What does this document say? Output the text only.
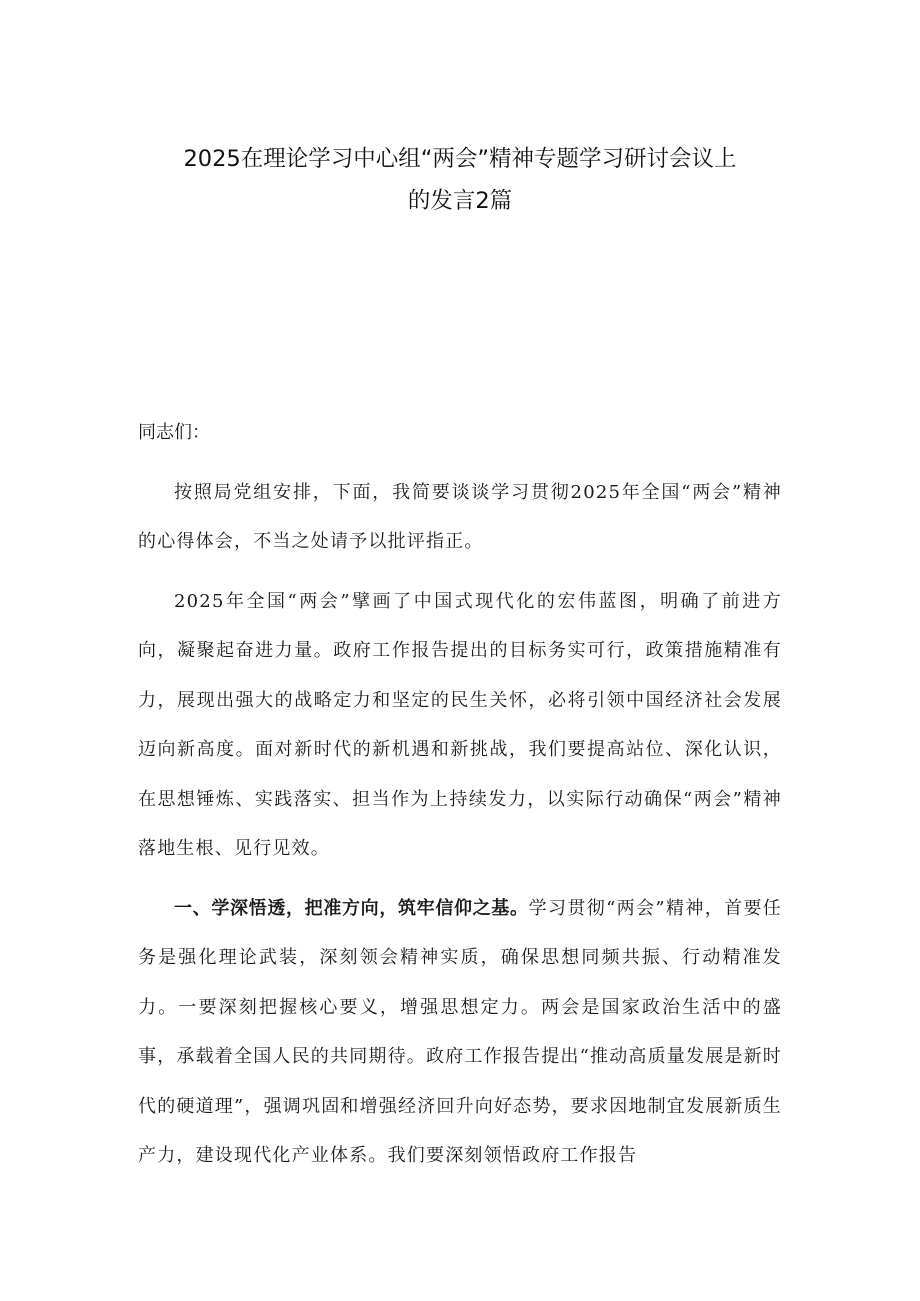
2025在理论学习中心组“两会”精神专题学习研讨会议上
的发言2篇

同志们：

按照局党组安排，下面，我简要谈谈学习贯彻2025年全国“两会”精神的心得体会，不当之处请予以批评指正。

2025年全国“两会”擘画了中国式现代化的宏伟蓝图，明确了前进方向，凝聚起奋进力量。政府工作报告提出的目标务实可行，政策措施精准有力，展现出强大的战略定力和坚定的民生关怀，必将引领中国经济社会发展迈向新高度。面对新时代的新机遇和新挑战，我们要提高站位、深化认识，在思想锤炼、实践落实、担当作为上持续发力，以实际行动确保“两会”精神落地生根、见行见效。

一、学深悟透，把准方向，筑牢信仰之基。学习贯彻“两会”精神，首要任务是强化理论武装，深刻领会精神实质，确保思想同频共振、行动精准发力。一要深刻把握核心要义，增强思想定力。两会是国家政治生活中的盛事，承载着全国人民的共同期待。政府工作报告提出“推动高质量发展是新时代的硬道理”，强调巩固和增强经济回升向好态势，要求因地制宜发展新质生产力，建设现代化产业体系。我们要深刻领悟政府工作报告
